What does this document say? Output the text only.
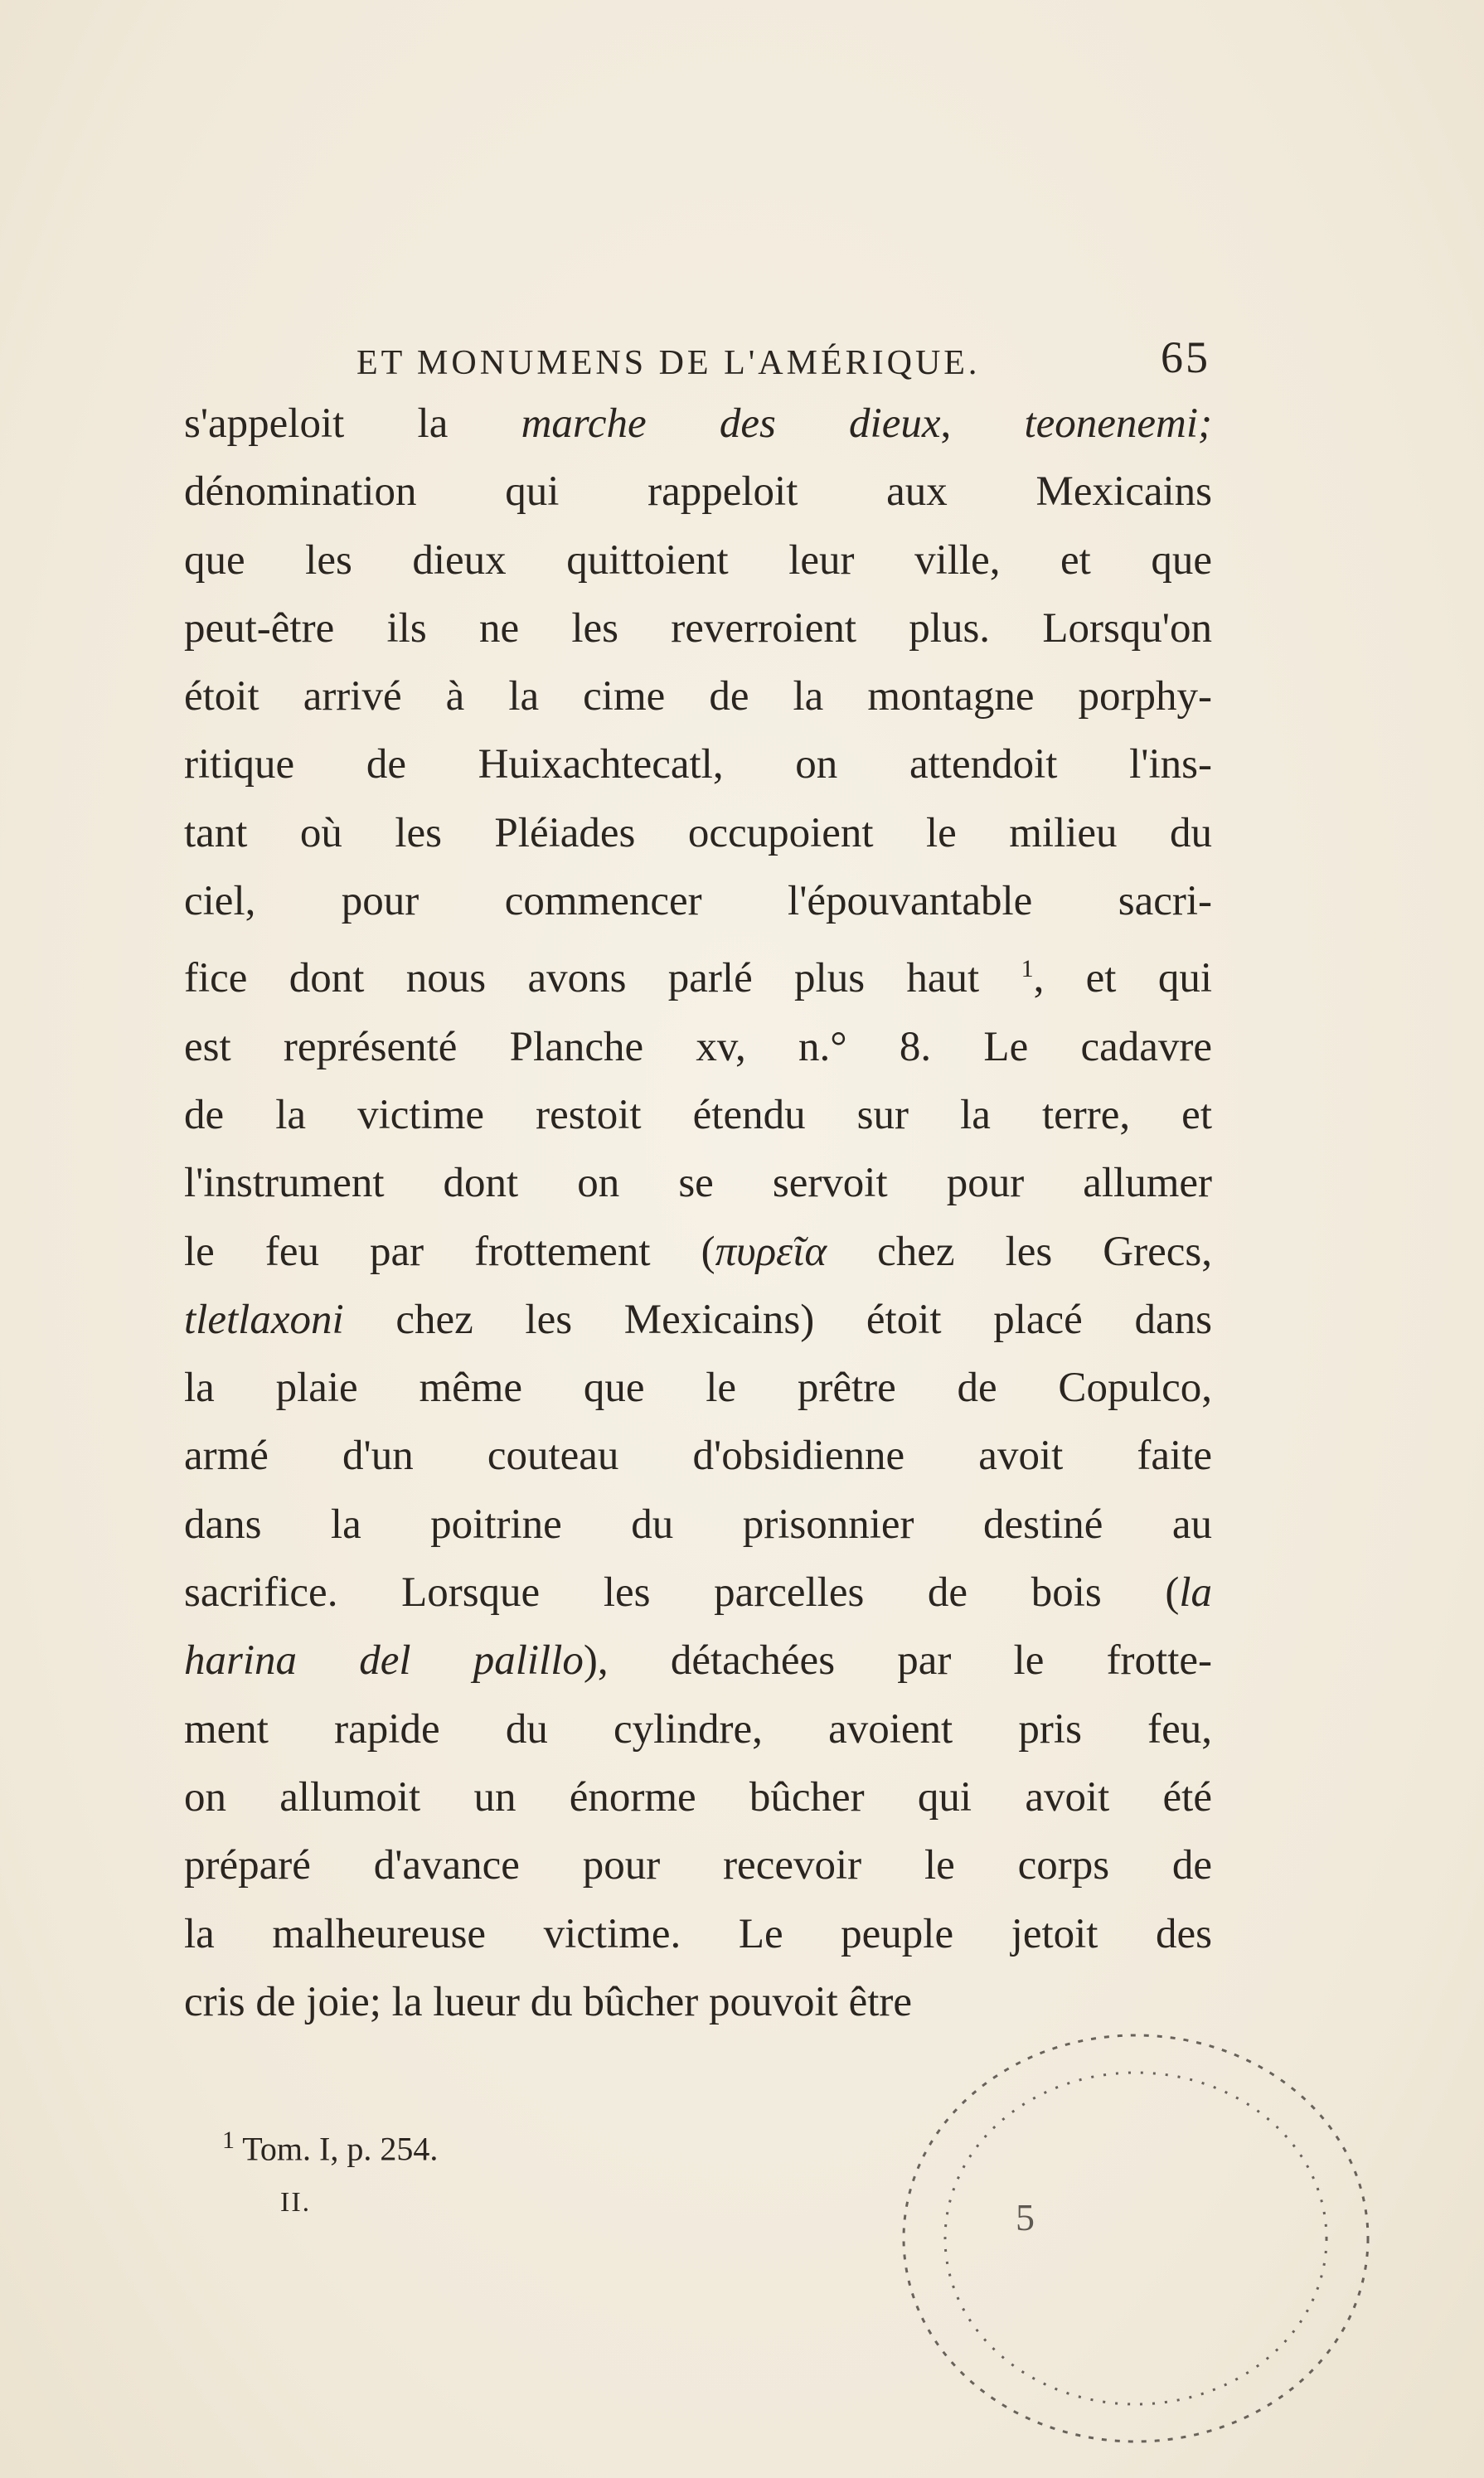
ET MONUMENS DE L'AMÉRIQUE.	65
s'appeloit la marche des dieux, teonenemi;
dénomination qui rappeloit aux Mexicains
que les dieux quittoient leur ville, et que
peut-être ils ne les reverroient plus. Lorsqu'on
étoit arrivé à la cime de la montagne porphy-
ritique de Huixachtecatl, on attendoit l'ins-
tant où les Pléiades occupoient le milieu du
ciel, pour commencer l'épouvantable sacri-
fice dont nous avons parlé plus haut $^1$, et qui
est représenté Planche xv, n.° 8. Le cadavre
de la victime restoit étendu sur la terre, et
l'instrument dont on se servoit pour allumer
le feu par frottement (πυρεῖα chez les Grecs,
tletlaxoni chez les Mexicains) étoit placé dans
la plaie même que le prêtre de Copulco,
armé d'un couteau d'obsidienne avoit faite
dans la poitrine du prisonnier destiné au
sacrifice. Lorsque les parcelles de bois (la
harina del palillo), détachées par le frotte-
ment rapide du cylindre, avoient pris feu,
on allumoit un énorme bûcher qui avoit été
préparé d'avance pour recevoir le corps de
la malheureuse victime. Le peuple jetoit des
cris de joie; la lueur du bûcher pouvoit être
$^1$ Tom. I, p. 254.
II.	5
